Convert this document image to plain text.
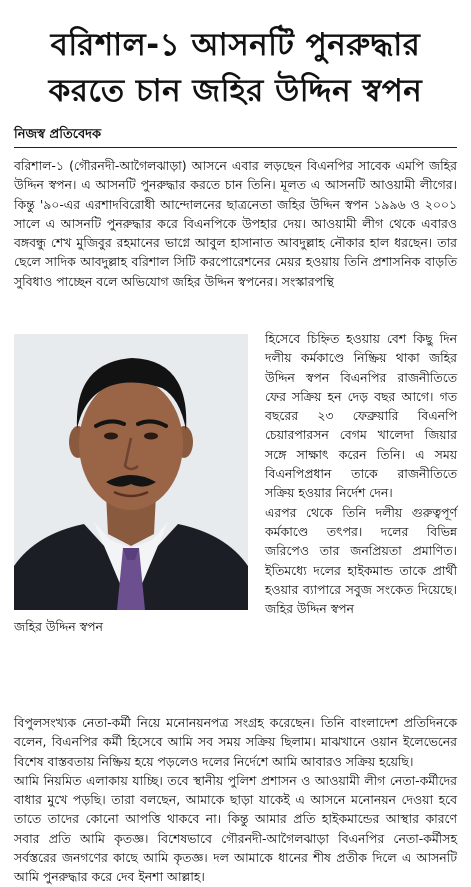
বরিশাল-১ আসনটি পুনরুদ্ধার
করতে চান জহির উদ্দিন স্বপন
নিজস্ব প্রতিবেদক
বরিশাল-১ (গৌরনদী-আগৈলঝাড়া) আসনে এবার লড়ছেন বিএনপির সাবেক এমপি জহির উদ্দিন স্বপন। এ আসনটি পুনরুদ্ধার করতে চান তিনি। মূলত এ আসনটি আওয়ামী লীগের। কিন্তু '৯০-এর এরশাদবিরোধী আন্দোলনের ছাত্রনেতা জহির উদ্দিন স্বপন ১৯৯৬ ও ২০০১ সালে এ আসনটি পুনরুদ্ধার করে বিএনপিকে উপহার দেয়। আওয়ামী লীগ থেকে এবারও বঙ্গবন্ধু শেখ মুজিবুর রহমানের ভাগ্নে আবুল হাসানাত আবদুল্লাহ নৌকার হাল ধরছেন। তার ছেলে সাদিক আবদুল্লাহ বরিশাল সিটি করপোরেশনের মেয়র হওয়ায় তিনি প্রশাসনিক বাড়তি সুবিধাও পাচ্ছেন বলে অভিযোগ জহির উদ্দিন স্বপনের। সংস্কারপন্থি
জহির উদ্দিন স্বপন
হিসেবে চিহ্নিত হওয়ায় বেশ কিছু দিন দলীয় কর্মকাণ্ডে নিষ্ক্রিয় থাকা জহির উদ্দিন স্বপন বিএনপির রাজনীতিতে ফের সক্রিয় হন দেড় বছর আগে। গত বছরের ২৩ ফেব্রুয়ারি বিএনপি চেয়ারপারসন বেগম খালেদা জিয়ার সঙ্গে সাক্ষাৎ করেন তিনি। এ সময় বিএনপিপ্রধান তাকে রাজনীতিতে সক্রিয় হওয়ার নির্দেশ দেন।
এরপর থেকে তিনি দলীয় গুরুত্বপূর্ণ কর্মকাণ্ডে তৎপর। দলের বিভিন্ন জরিপেও তার জনপ্রিয়তা প্রমাণিত। ইতিমধ্যে দলের হাইকমান্ড তাকে প্রার্থী হওয়ার ব্যাপারে সবুজ সংকেত দিয়েছে। জহির উদ্দিন স্বপন
বিপুলসংখ্যক নেতা-কর্মী নিয়ে মনোনয়নপত্র সংগ্রহ করেছেন। তিনি বাংলাদেশ প্রতিদিনকে বলেন, বিএনপির কর্মী হিসেবে আমি সব সময় সক্রিয় ছিলাম। মাঝখানে ওয়ান ইলেভেনের বিশেষ বাস্তবতায় নিষ্ক্রিয় হয়ে পড়লেও দলের নির্দেশে আমি আবারও সক্রিয় হয়েছি।
আমি নিয়মিত এলাকায় যাচ্ছি। তবে স্থানীয় পুলিশ প্রশাসন ও আওয়ামী লীগ নেতা-কর্মীদের বাধার মুখে পড়ছি। তারা বলছেন, আমাকে ছাড়া যাকেই এ আসনে মনোনয়ন দেওয়া হবে তাতে তাদের কোনো আপত্তি থাকবে না। কিন্তু আমার প্রতি হাইকমান্ডের আস্থার কারণে সবার প্রতি আমি কৃতজ্ঞ। বিশেষভাবে গৌরনদী-আগৈলঝাড়া বিএনপির নেতা-কর্মীসহ সর্বস্তরের জনগণের কাছে আমি কৃতজ্ঞ। দল আমাকে ধানের শীষ প্রতীক দিলে এ আসনটি আমি পুনরুদ্ধার করে দেব ইনশা আল্লাহ।
